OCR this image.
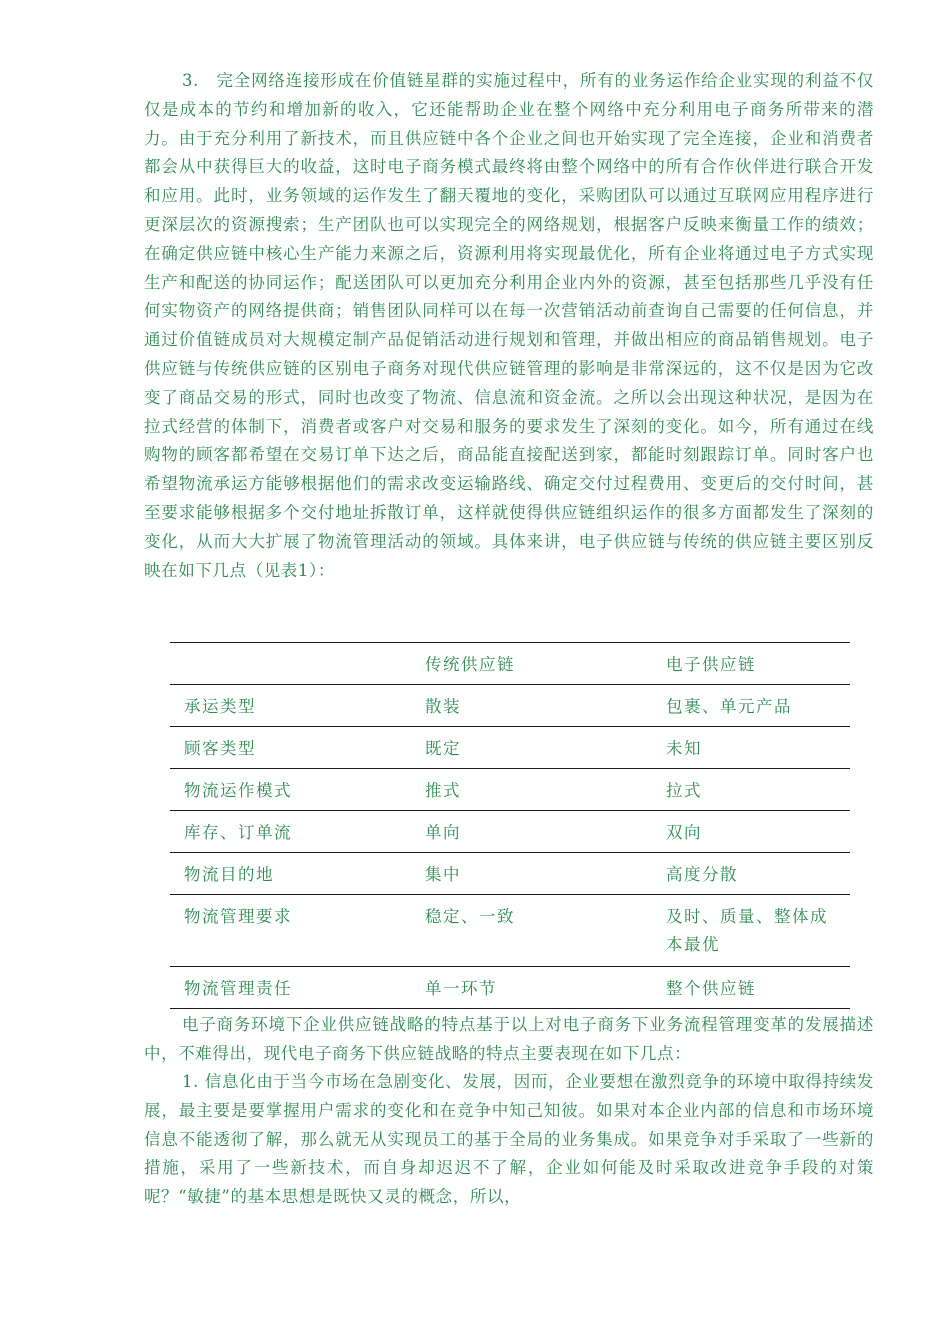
3.　完全网络连接形成在价值链星群的实施过程中，所有的业务运作给企业实现的利益不仅仅是成本的节约和增加新的收入，它还能帮助企业在整个网络中充分利用电子商务所带来的潜力。由于充分利用了新技术，而且供应链中各个企业之间也开始实现了完全连接，企业和消费者都会从中获得巨大的收益，这时电子商务模式最终将由整个网络中的所有合作伙伴进行联合开发和应用。此时，业务领域的运作发生了翻天覆地的变化，采购团队可以通过互联网应用程序进行更深层次的资源搜索；生产团队也可以实现完全的网络规划，根据客户反映来衡量工作的绩效；在确定供应链中核心生产能力来源之后，资源利用将实现最优化，所有企业将通过电子方式实现生产和配送的协同运作；配送团队可以更加充分利用企业内外的资源，甚至包括那些几乎没有任何实物资产的网络提供商；销售团队同样可以在每一次营销活动前查询自己需要的任何信息，并通过价值链成员对大规模定制产品促销活动进行规划和管理，并做出相应的商品销售规划。电子供应链与传统供应链的区别电子商务对现代供应链管理的影响是非常深远的，这不仅是因为它改变了商品交易的形式，同时也改变了物流、信息流和资金流。之所以会出现这种状况，是因为在拉式经营的体制下，消费者或客户对交易和服务的要求发生了深刻的变化。如今，所有通过在线购物的顾客都希望在交易订单下达之后，商品能直接配送到家，都能时刻跟踪订单。同时客户也希望物流承运方能够根据他们的需求改变运输路线、确定交付过程费用、变更后的交付时间，甚至要求能够根据多个交付地址拆散订单，这样就使得供应链组织运作的很多方面都发生了深刻的变化，从而大大扩展了物流管理活动的领域。具体来讲，电子供应链与传统的供应链主要区别反映在如下几点（见表1）：

	传统供应链	电子供应链
承运类型	散装	包裹、单元产品
顾客类型	既定	未知
物流运作模式	推式	拉式
库存、订单流	单向	双向
物流目的地	集中	高度分散
物流管理要求	稳定、一致	及时、质量、整体成本最优
物流管理责任	单一环节	整个供应链

电子商务环境下企业供应链战略的特点基于以上对电子商务下业务流程管理变革的发展描述中，不难得出，现代电子商务下供应链战略的特点主要表现在如下几点：

1. 信息化由于当今市场在急剧变化、发展，因而，企业要想在激烈竞争的环境中取得持续发展，最主要是要掌握用户需求的变化和在竞争中知己知彼。如果对本企业内部的信息和市场环境信息不能透彻了解，那么就无从实现员工的基于全局的业务集成。如果竞争对手采取了一些新的措施，采用了一些新技术，而自身却迟迟不了解，企业如何能及时采取改进竞争手段的对策呢？“敏捷”的基本思想是既快又灵的概念，所以，
